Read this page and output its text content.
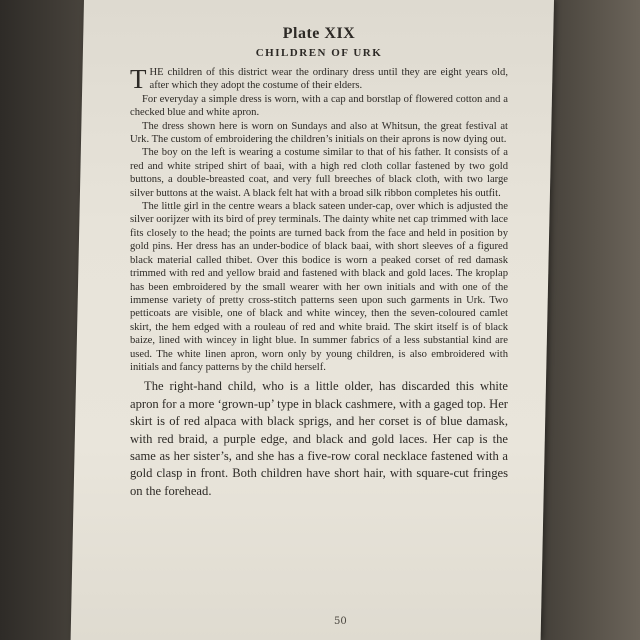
Plate XIX
CHILDREN OF URK

THE children of this district wear the ordinary dress until they are eight years old, after which they adopt the costume of their elders.

For everyday a simple dress is worn, with a cap and borstlap of flowered cotton and a checked blue and white apron.

The dress shown here is worn on Sundays and also at Whitsun, the great festival at Urk. The custom of embroidering the children’s initials on their aprons is now dying out.

The boy on the left is wearing a costume similar to that of his father. It consists of a red and white striped shirt of baai, with a high red cloth collar fastened by two gold buttons, a double-breasted coat, and very full breeches of black cloth, with two large silver buttons at the waist. A black felt hat with a broad silk ribbon completes his outfit.

The little girl in the centre wears a black sateen under-cap, over which is adjusted the silver oorijzer with its bird of prey terminals. The dainty white net cap trimmed with lace fits closely to the head; the points are turned back from the face and held in position by gold pins. Her dress has an under-bodice of black baai, with short sleeves of a figured black material called thibet. Over this bodice is worn a peaked corset of red damask trimmed with red and yellow braid and fastened with black and gold laces. The kroplap has been embroidered by the small wearer with her own initials and with one of the immense variety of pretty cross-stitch patterns seen upon such garments in Urk. Two petticoats are visible, one of black and white wincey, then the seven-coloured camlet skirt, the hem edged with a rouleau of red and white braid. The skirt itself is of black baize, lined with wincey in light blue. In summer fabrics of a less substantial kind are used. The white linen apron, worn only by young children, is also embroidered with initials and fancy patterns by the child herself.

The right-hand child, who is a little older, has discarded this white apron for a more ‘grown-up’ type in black cashmere, with a gaged top. Her skirt is of red alpaca with black sprigs, and her corset is of blue damask, with red braid, a purple edge, and black and gold laces. Her cap is the same as her sister’s, and she has a five-row coral necklace fastened with a gold clasp in front. Both children have short hair, with square-cut fringes on the forehead.

50
